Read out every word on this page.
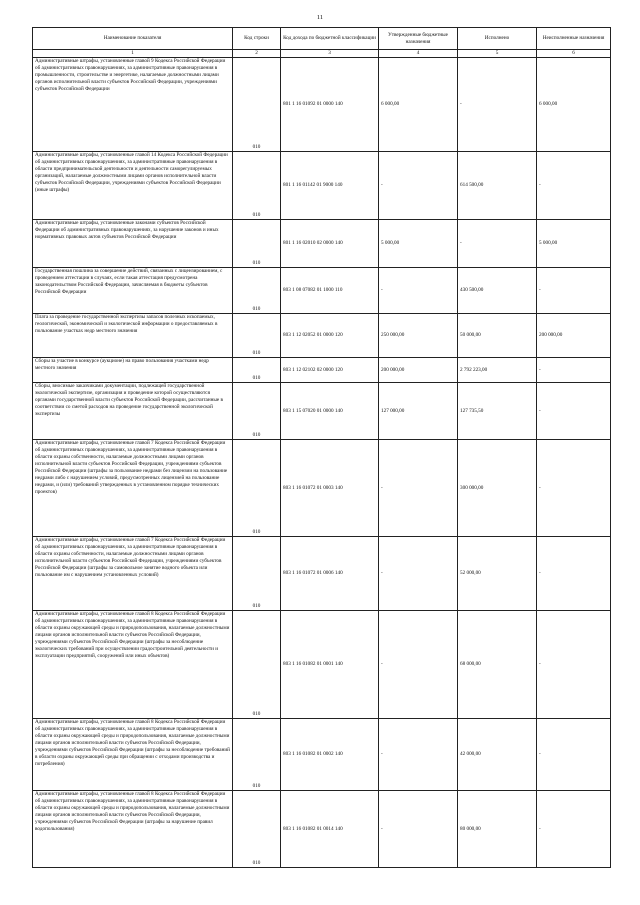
11
Наименование показателя	Код строки	Код дохода по бюджетной классификации	Утвержденные бюджетные назначения	Исполнено	Неисполненные назначения
1	2	3	4	5	6
Административные штрафы, установленные главой 9 Кодекса Российской Федерации об административных правонарушениях, за административные правонарушения в промышленности, строительстве и энергетике, налагаемые должностными лицами органов исполнительной власти субъектов Российской Федерации, учреждениями субъектов Российской Федерации	010	801 1 16 01092 01 0000 140	6 000,00	-	6 000,00
Административные штрафы, установленные главой 14 Кодекса Российской Федерации об административных правонарушениях, за административные правонарушения в области предпринимательской деятельности и деятельности саморегулируемых организаций, налагаемые должностными лицами органов исполнительной власти субъектов Российской Федерации, учреждениями субъектов Российской Федерации (иные штрафы)	010	801 1 16 01142 01 9000 140	-	614 500,00	-
Административные штрафы, установленные законами субъектов Российской Федерации об административных правонарушениях, за нарушение законов и иных нормативных правовых актов субъектов Российской Федерации	010	801 1 16 02010 02 0000 140	5 000,00	-	5 000,00
Государственная пошлина за совершение действий, связанных с лицензированием, с проведением аттестации в случаях, если такая аттестация предусмотрена законодательством Российской Федерации, зачисляемая в бюджеты субъектов Российской Федерации	010	803 1 08 07082 01 1000 110	-	430 500,00	-
Плата за проведение государственной экспертизы запасов полезных ископаемых, геологической, экономической и экологической информации о предоставляемых в пользование участках недр местного значения	010	803 1 12 02052 01 0000 120	250 000,00	50 000,00	200 000,00
Сборы за участие в конкурсе (аукционе) на право пользования участками недр местного значения	010	803 1 12 02102 02 0000 120	200 000,00	2 792 223,00	-
Сборы, вносимые заказчиками документации, подлежащей государственной экологической экспертизе, организация и проведение которой осуществляются органами государственной власти субъектов Российской Федерации, рассчитанные в соответствии со сметой расходов на проведение государственной экологической экспертизы	010	803 1 15 07020 01 0000 140	127 000,00	127 735,50	-
Административные штрафы, установленные главой 7 Кодекса Российской Федерации об административных правонарушениях, за административные правонарушения в области охраны собственности, налагаемые должностными лицами органов исполнительной власти субъектов Российской Федерации, учреждениями субъектов Российской Федерации (штрафы за пользование недрами без лицензии на пользование недрами либо с нарушением условий, предусмотренных лицензией на пользование недрами, и (или) требований утвержденных в установленном порядке технических проектов)	010	803 1 16 01072 01 0003 140	-	300 000,00	-
Административные штрафы, установленные главой 7 Кодекса Российской Федерации об административных правонарушениях, за административные правонарушения в области охраны собственности, налагаемые должностными лицами органов исполнительной власти субъектов Российской Федерации, учреждениями субъектов Российской Федерации (штрафы за самовольное занятие водного объекта или пользование им с нарушением установленных условий)	010	803 1 16 01072 01 0006 140	-	52 000,00	-
Административные штрафы, установленные главой 8 Кодекса Российской Федерации об административных правонарушениях, за административные правонарушения в области охраны окружающей среды и природопользования, налагаемые должностными лицами органов исполнительной власти субъектов Российской Федерации, учреждениями субъектов Российской Федерации (штрафы за несоблюдение экологических требований при осуществлении градостроительной деятельности и эксплуатации предприятий, сооружений или иных объектов)	010	803 1 16 01082 01 0001 140	-	68 000,00	-
Административные штрафы, установленные главой 8 Кодекса Российской Федерации об административных правонарушениях, за административные правонарушения в области охраны окружающей среды и природопользования, налагаемые должностными лицами органов исполнительной власти субъектов Российской Федерации, учреждениями субъектов Российской Федерации (штрафы за несоблюдение требований в области охраны окружающей среды при обращении с отходами производства и потребления)	010	803 1 16 01082 01 0002 140	-	42 000,00	-
Административные штрафы, установленные главой 8 Кодекса Российской Федерации об административных правонарушениях, за административные правонарушения в области охраны окружающей среды и природопользования, налагаемые должностными лицами органов исполнительной власти субъектов Российской Федерации, учреждениями субъектов Российской Федерации (штрафы за нарушение правил водопользования)	010	803 1 16 01082 01 0014 140	-	80 000,00	-
